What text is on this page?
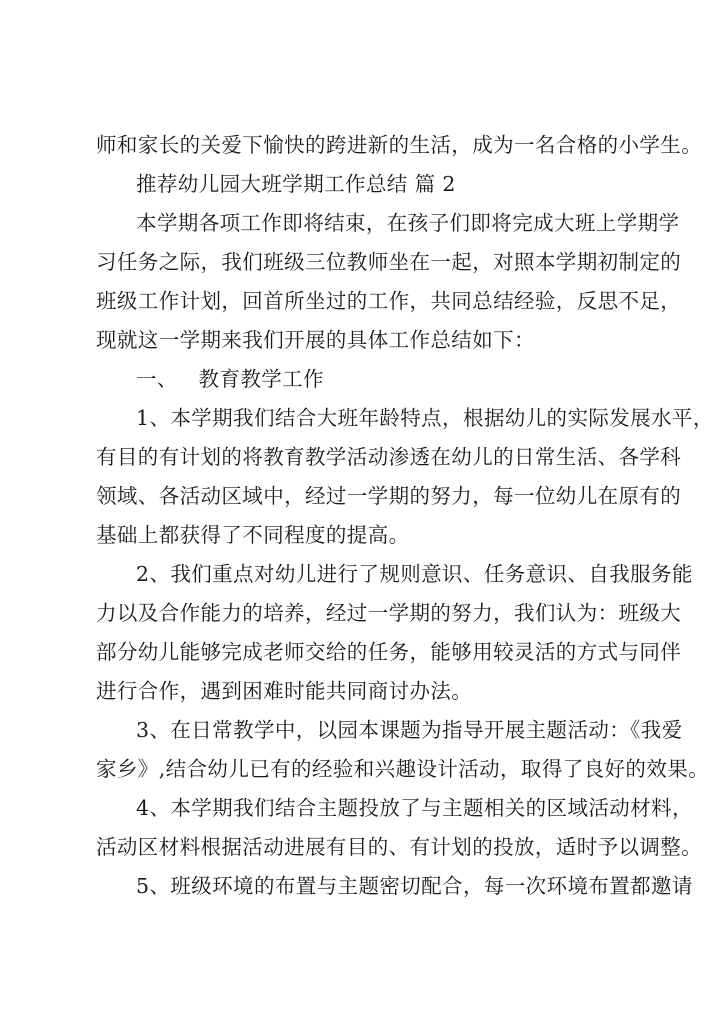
师和家长的关爱下愉快的跨进新的生活，成为一名合格的小学生。
推荐幼儿园大班学期工作总结 篇 2
本学期各项工作即将结束，在孩子们即将完成大班上学期学
习任务之际，我们班级三位教师坐在一起，对照本学期初制定的
班级工作计划，回首所坐过的工作，共同总结经验，反思不足，
现就这一学期来我们开展的具体工作总结如下：
一、   教育教学工作
1、本学期我们结合大班年龄特点，根据幼儿的实际发展水平，
有目的有计划的将教育教学活动渗透在幼儿的日常生活、各学科
领域、各活动区域中，经过一学期的努力，每一位幼儿在原有的
基础上都获得了不同程度的提高。
2、我们重点对幼儿进行了规则意识、任务意识、自我服务能
力以及合作能力的培养，经过一学期的努力，我们认为：班级大
部分幼儿能够完成老师交给的任务，能够用较灵活的方式与同伴
进行合作，遇到困难时能共同商讨办法。
3、在日常教学中，以园本课题为指导开展主题活动：《我爱
家乡》,结合幼儿已有的经验和兴趣设计活动，取得了良好的效果。
4、本学期我们结合主题投放了与主题相关的区域活动材料，
活动区材料根据活动进展有目的、有计划的投放，适时予以调整。
5、班级环境的布置与主题密切配合，每一次环境布置都邀请
